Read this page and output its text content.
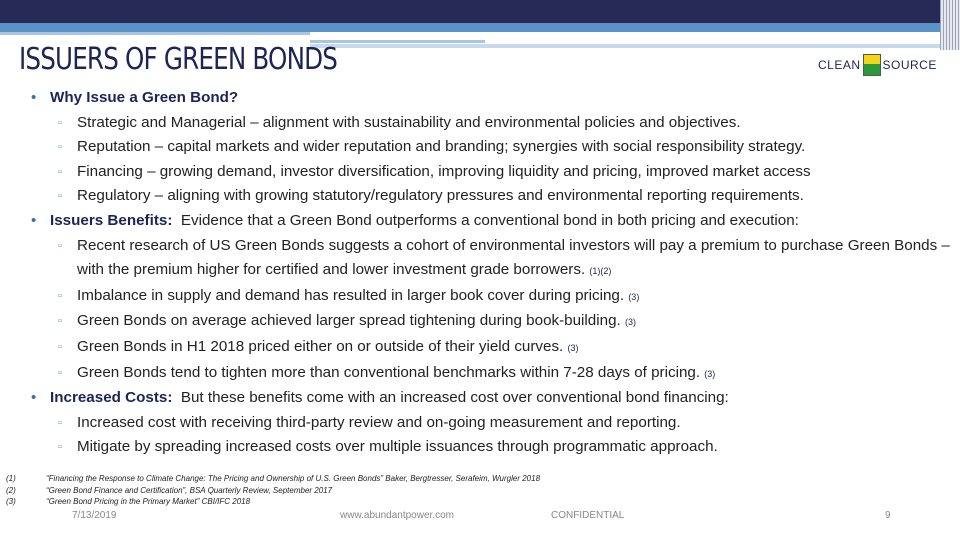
ISSUERS OF GREEN BONDS	CLEAN SOURCE
• Why Issue a Green Bond?
▫ Strategic and Managerial – alignment with sustainability and environmental policies and objectives.
▫ Reputation – capital markets and wider reputation and branding; synergies with social responsibility strategy.
▫ Financing – growing demand, investor diversification, improving liquidity and pricing, improved market access
▫ Regulatory – aligning with growing statutory/regulatory pressures and environmental reporting requirements.
• Issuers Benefits: Evidence that a Green Bond outperforms a conventional bond in both pricing and execution:
▫ Recent research of US Green Bonds suggests a cohort of environmental investors will pay a premium to purchase Green Bonds – with the premium higher for certified and lower investment grade borrowers. (1)(2)
▫ Imbalance in supply and demand has resulted in larger book cover during pricing. (3)
▫ Green Bonds on average achieved larger spread tightening during book-building. (3)
▫ Green Bonds in H1 2018 priced either on or outside of their yield curves. (3)
▫ Green Bonds tend to tighten more than conventional benchmarks within 7-28 days of pricing. (3)
• Increased Costs: But these benefits come with an increased cost over conventional bond financing:
▫ Increased cost with receiving third-party review and on-going measurement and reporting.
▫ Mitigate by spreading increased costs over multiple issuances through programmatic approach.
(1)	“Financing the Response to Climate Change: The Pricing and Ownership of U.S. Green Bonds” Baker, Bergtresser, Serafeim, Wurgler 2018
(2)	“Green Bond Finance and Certification”, BSA Quarterly Review, September 2017
(3)	“Green Bond Pricing in the Primary Market” CBI/IFC 2018
7/13/2019	www.abundantpower.com	CONFIDENTIAL	9
